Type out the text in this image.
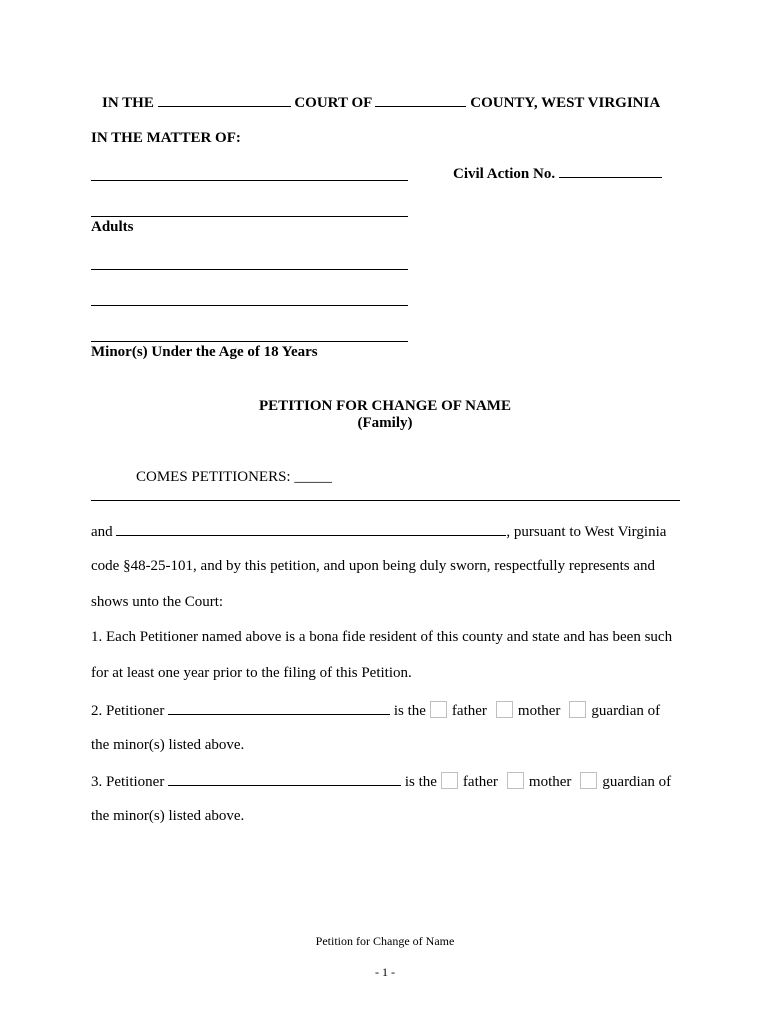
IN THE	COURT OF	COUNTY, WEST VIRGINIA
IN THE MATTER OF:
Civil Action No.
Adults
Minor(s) Under the Age of 18 Years
PETITION FOR CHANGE OF NAME
(Family)
COMES PETITIONERS: _____
and	, pursuant to West Virginia
code §48-25-101, and by this petition, and upon being duly sworn, respectfully represents and
shows unto the Court:
1. Each Petitioner named above is a bona fide resident of this county and state and has been such
for at least one year prior to the filing of this Petition.
2. Petitioner	is the father mother guardian of
the minor(s) listed above.
3. Petitioner	is the father mother guardian of
the minor(s) listed above.
Petition for Change of Name
- 1 -
